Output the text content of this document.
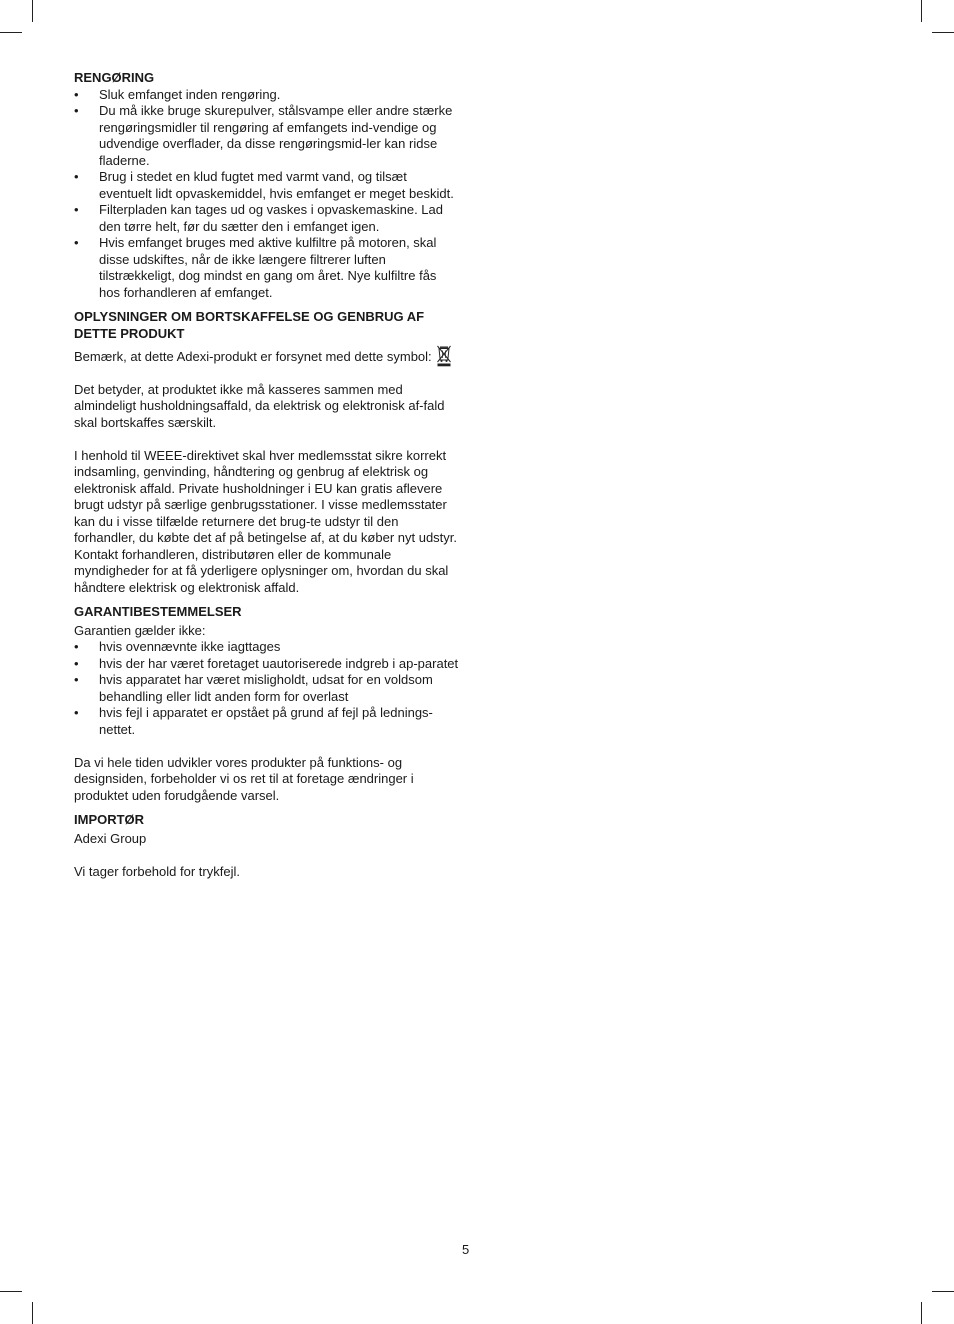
RENGØRING

• Sluk emfanget inden rengøring.
• Du må ikke bruge skurepulver, stålsvampe eller andre stærke rengøringsmidler til rengøring af emfangets ind-vendige og udvendige overflader, da disse rengøringsmid-ler kan ridse fladerne.
• Brug i stedet en klud fugtet med varmt vand, og tilsæt eventuelt lidt opvaskemiddel, hvis emfanget er meget beskidt.
• Filterpladen kan tages ud og vaskes i opvaskemaskine. Lad den tørre helt, før du sætter den i emfanget igen.
• Hvis emfanget bruges med aktive kulfiltre på motoren, skal disse udskiftes, når de ikke længere filtrerer luften tilstrækkeligt, dog mindst en gang om året. Nye kulfiltre fås hos forhandleren af emfanget.

OPLYSNINGER OM BORTSKAFFELSE OG GENBRUG AF DETTE PRODUKT

Bemærk, at dette Adexi-produkt er forsynet med dette symbol:

Det betyder, at produktet ikke må kasseres sammen med almindeligt husholdningsaffald, da elektrisk og elektronisk af-fald skal bortskaffes særskilt.

I henhold til WEEE-direktivet skal hver medlemsstat sikre korrekt indsamling, genvinding, håndtering og genbrug af elektrisk og elektronisk affald. Private husholdninger i EU kan gratis aflevere brugt udstyr på særlige genbrugsstationer. I visse medlemsstater kan du i visse tilfælde returnere det brug-te udstyr til den forhandler, du købte det af på betingelse af, at du køber nyt udstyr. Kontakt forhandleren, distributøren eller de kommunale myndigheder for at få yderligere oplysninger om, hvordan du skal håndtere elektrisk og elektronisk affald.

GARANTIBESTEMMELSER

Garantien gælder ikke:

• hvis ovennævnte ikke iagttages
• hvis der har været foretaget uautoriserede indgreb i ap-paratet
• hvis apparatet har været misligholdt, udsat for en voldsom behandling eller lidt anden form for overlast
• hvis fejl i apparatet er opstået på grund af fejl på lednings-nettet.

Da vi hele tiden udvikler vores produkter på funktions- og designsiden, forbeholder vi os ret til at foretage ændringer i produktet uden forudgående varsel.

IMPORTØR

Adexi Group

Vi tager forbehold for trykfejl.

5
